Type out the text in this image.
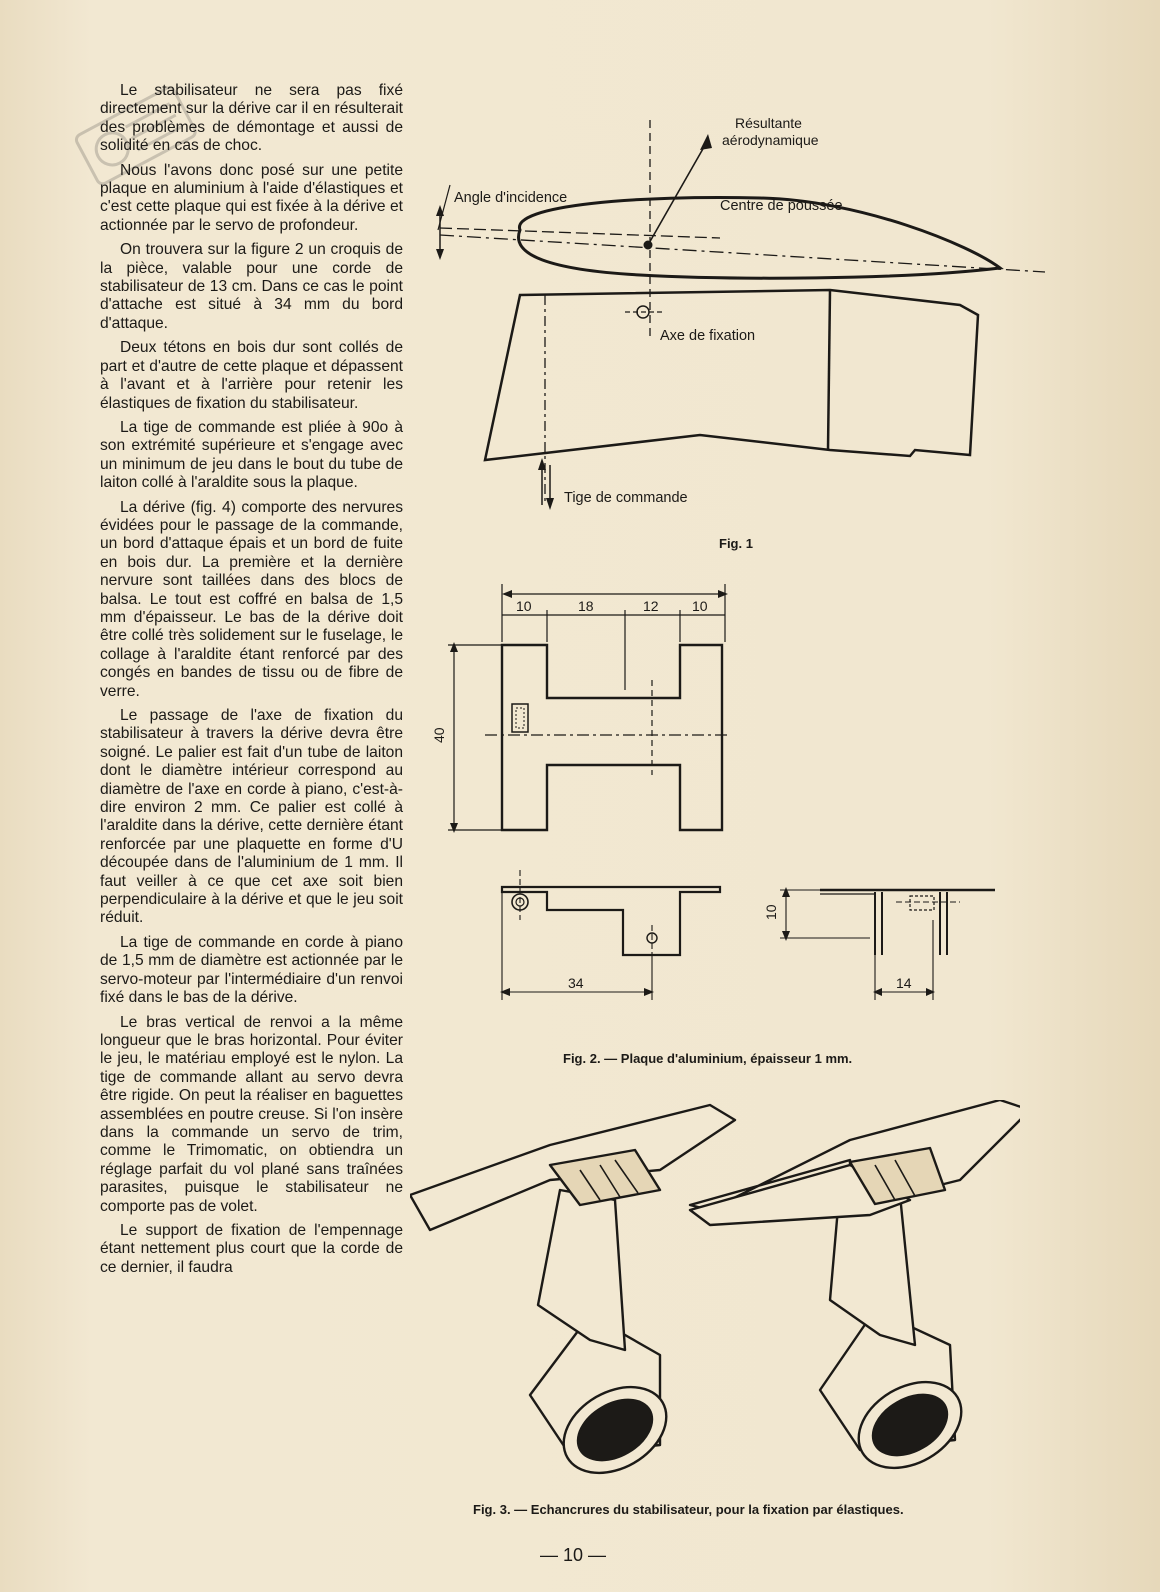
Le stabilisateur ne sera pas fixé directement sur la dérive car il en résulterait des problèmes de démontage et aussi de solidité en cas de choc.

Nous l'avons donc posé sur une petite plaque en aluminium à l'aide d'élastiques et c'est cette plaque qui est fixée à la dérive et actionnée par le servo de profondeur.

On trouvera sur la figure 2 un croquis de la pièce, valable pour une corde de stabilisateur de 13 cm. Dans ce cas le point d'attache est situé à 34 mm du bord d'attaque.

Deux tétons en bois dur sont collés de part et d'autre de cette plaque et dépassent à l'avant et à l'arrière pour retenir les élastiques de fixation du stabilisateur.

La tige de commande est pliée à 90o à son extrémité supérieure et s'engage avec un minimum de jeu dans le bout du tube de laiton collé à l'araldite sous la plaque.

La dérive (fig. 4) comporte des nervures évidées pour le passage de la commande, un bord d'attaque épais et un bord de fuite en bois dur. La première et la dernière nervure sont taillées dans des blocs de balsa. Le tout est coffré en balsa de 1,5 mm d'épaisseur. Le bas de la dérive doit être collé très solidement sur le fuselage, le collage à l'araldite étant renforcé par des congés en bandes de tissu ou de fibre de verre.

Le passage de l'axe de fixation du stabilisateur à travers la dérive devra être soigné. Le palier est fait d'un tube de laiton dont le diamètre intérieur correspond au diamètre de l'axe en corde à piano, c'est-à-dire environ 2 mm. Ce palier est collé à l'araldite dans la dérive, cette dernière étant renforcée par une plaquette en forme d'U découpée dans de l'aluminium de 1 mm. Il faut veiller à ce que cet axe soit bien perpendiculaire à la dérive et que le jeu soit réduit.

La tige de commande en corde à piano de 1,5 mm de diamètre est actionnée par le servo-moteur par l'intermédiaire d'un renvoi fixé dans le bas de la dérive.

Le bras vertical de renvoi a la même longueur que le bras horizontal. Pour éviter le jeu, le matériau employé est le nylon. La tige de commande allant au servo devra être rigide. On peut la réaliser en baguettes assemblées en poutre creuse. Si l'on insère dans la commande un servo de trim, comme le Trimomatic, on obtiendra un réglage parfait du vol plané sans traînées parasites, puisque le stabilisateur ne comporte pas de volet.

Le support de fixation de l'empennage étant nettement plus court que la corde de ce dernier, il faudra

Résultante
aérodynamique
Angle d'incidence	Centre de poussée
Axe de fixation
Tige de commande
Fig. 1
10	18	12 10
40
34
10
14
Fig. 2. — Plaque d'aluminium, épaisseur 1 mm.
Fig. 3. — Echancrures du stabilisateur, pour la fixation par élastiques.
— 10 —
